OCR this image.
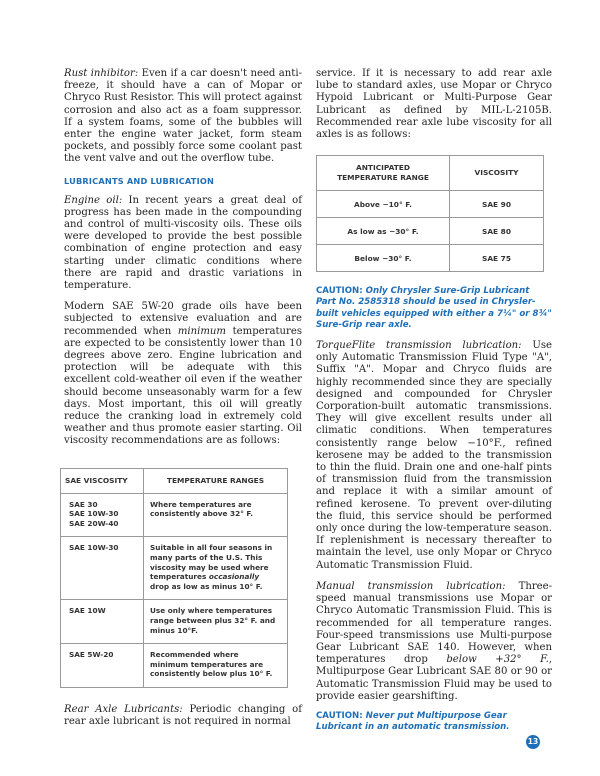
Rust inhibitor: Even if a car doesn't need anti-freeze, it should have a can of Mopar or Chryco Rust Resistor. This will protect against corrosion and also act as a foam suppressor. If a system foams, some of the bubbles will enter the engine water jacket, form steam pockets, and possibly force some coolant past the vent valve and out the overflow tube.

LUBRICANTS AND LUBRICATION

Engine oil: In recent years a great deal of progress has been made in the compounding and control of multi-viscosity oils. These oils were developed to provide the best possible combination of engine protection and easy starting under climatic conditions where there are rapid and drastic variations in temperature.

Modern SAE 5W-20 grade oils have been subjected to extensive evaluation and are recommended when minimum temperatures are expected to be consistently lower than 10 degrees above zero. Engine lubrication and protection will be adequate with this excellent cold-weather oil even if the weather should become unseasonably warm for a few days. Most important, this oil will greatly reduce the cranking load in extremely cold weather and thus promote easier starting. Oil viscosity recommendations are as follows:

SAE VISCOSITY	TEMPERATURE RANGES

SAE 30
SAE 10W-30
SAE 20W-40	Where temperatures are consistently above 32° F.

SAE 10W-30	Suitable in all four seasons in many parts of the U.S. This viscosity may be used where temperatures occasionally drop as low as minus 10° F.

SAE 10W	Use only where temperatures range between plus 32° F. and minus 10°F.

SAE 5W-20	Recommended where minimum temperatures are consistently below plus 10° F.

Rear Axle Lubricants: Periodic changing of rear axle lubricant is not required in normal

service. If it is necessary to add rear axle lube to standard axles, use Mopar or Chryco Hypoid Lubricant or Multi-Purpose Gear Lubricant as defined by MIL-L-2105B. Recommended rear axle lube viscosity for all axles is as follows:

ANTICIPATED
TEMPERATURE RANGE	VISCOSITY
Above −10° F.	SAE 90
As low as −30° F.	SAE 80
Below −30° F.	SAE 75

CAUTION: Only Chrysler Sure-Grip Lubricant Part No. 2585318 should be used in Chrysler-built vehicles equipped with either a 7¼" or 8¾" Sure-Grip rear axle.

TorqueFlite transmission lubrication: Use only Automatic Transmission Fluid Type "A", Suffix "A". Mopar and Chryco fluids are highly recommended since they are specially designed and compounded for Chrysler Corporation-built automatic transmissions. They will give excellent results under all climatic conditions. When temperatures consistently range below −10°F., refined kerosene may be added to the transmission to thin the fluid. Drain one and one-half pints of transmission fluid from the transmission and replace it with a similar amount of refined kerosene. To prevent over-diluting the fluid, this service should be performed only once during the low-temperature season. If replenishment is necessary thereafter to maintain the level, use only Mopar or Chryco Automatic Transmission Fluid.

Manual transmission lubrication: Three-speed manual transmissions use Mopar or Chryco Automatic Transmission Fluid. This is recommended for all temperature ranges. Four-speed transmissions use Multi-purpose Gear Lubricant SAE 140. However, when temperatures drop below +32° F., Multipurpose Gear Lubricant SAE 80 or 90 or Automatic Transmission Fluid may be used to provide easier gearshifting.

CAUTION: Never put Multipurpose Gear Lubricant in an automatic transmission.

13
